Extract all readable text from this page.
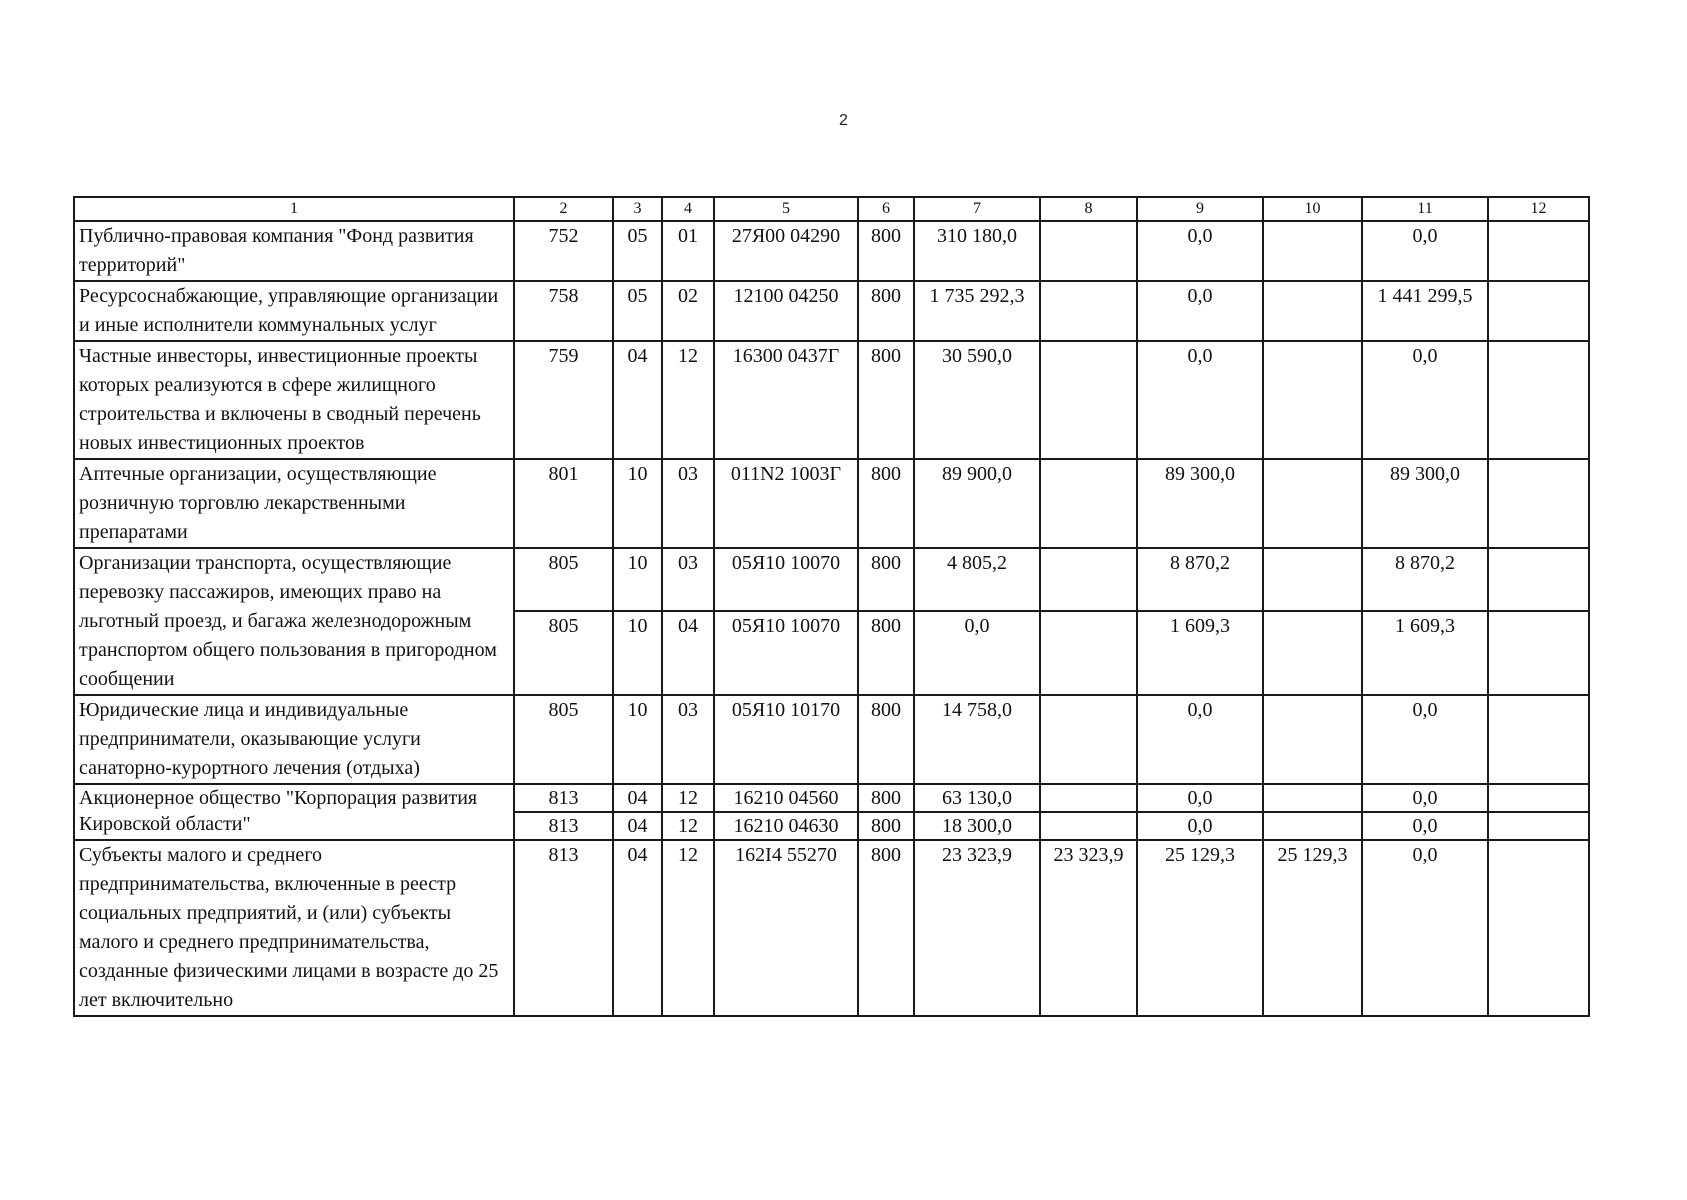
2
1	2	3	4	5	6	7	8	9	10	11	12
Публично-правовая компания "Фонд развития территорий"	752	05	01	27Я00 04290	800	310 180,0		0,0		0,0	
Ресурсоснабжающие, управляющие организации и иные исполнители коммунальных услуг	758	05	02	12100 04250	800	1 735 292,3		0,0		1 441 299,5	
Частные инвесторы, инвестиционные проекты которых реализуются в сфере жилищного строительства и включены в сводный перечень новых инвестиционных проектов	759	04	12	16300 0437Г	800	30 590,0		0,0		0,0	
Аптечные организации, осуществляющие розничную торговлю лекарственными препаратами	801	10	03	011N2 1003Г	800	89 900,0		89 300,0		89 300,0	
Организации транспорта, осуществляющие перевозку пассажиров, имеющих право на льготный проезд, и багажа железнодорожным транспортом общего пользования в пригородном сообщении	805	10	03	05Я10 10070	800	4 805,2		8 870,2		8 870,2	
	805	10	04	05Я10 10070	800	0,0		1 609,3		1 609,3	
Юридические лица и индивидуальные предприниматели, оказывающие услуги санаторно-курортного лечения (отдыха)	805	10	03	05Я10 10170	800	14 758,0		0,0		0,0	
Акционерное общество "Корпорация развития Кировской области"	813	04	12	16210 04560	800	63 130,0		0,0		0,0	
	813	04	12	16210 04630	800	18 300,0		0,0		0,0	
Субъекты малого и среднего предпринимательства, включенные в реестр социальных предприятий, и (или) субъекты малого и среднего предпринимательства, созданные физическими лицами в возрасте до 25 лет включительно	813	04	12	162I4 55270	800	23 323,9	23 323,9	25 129,3	25 129,3	0,0	
